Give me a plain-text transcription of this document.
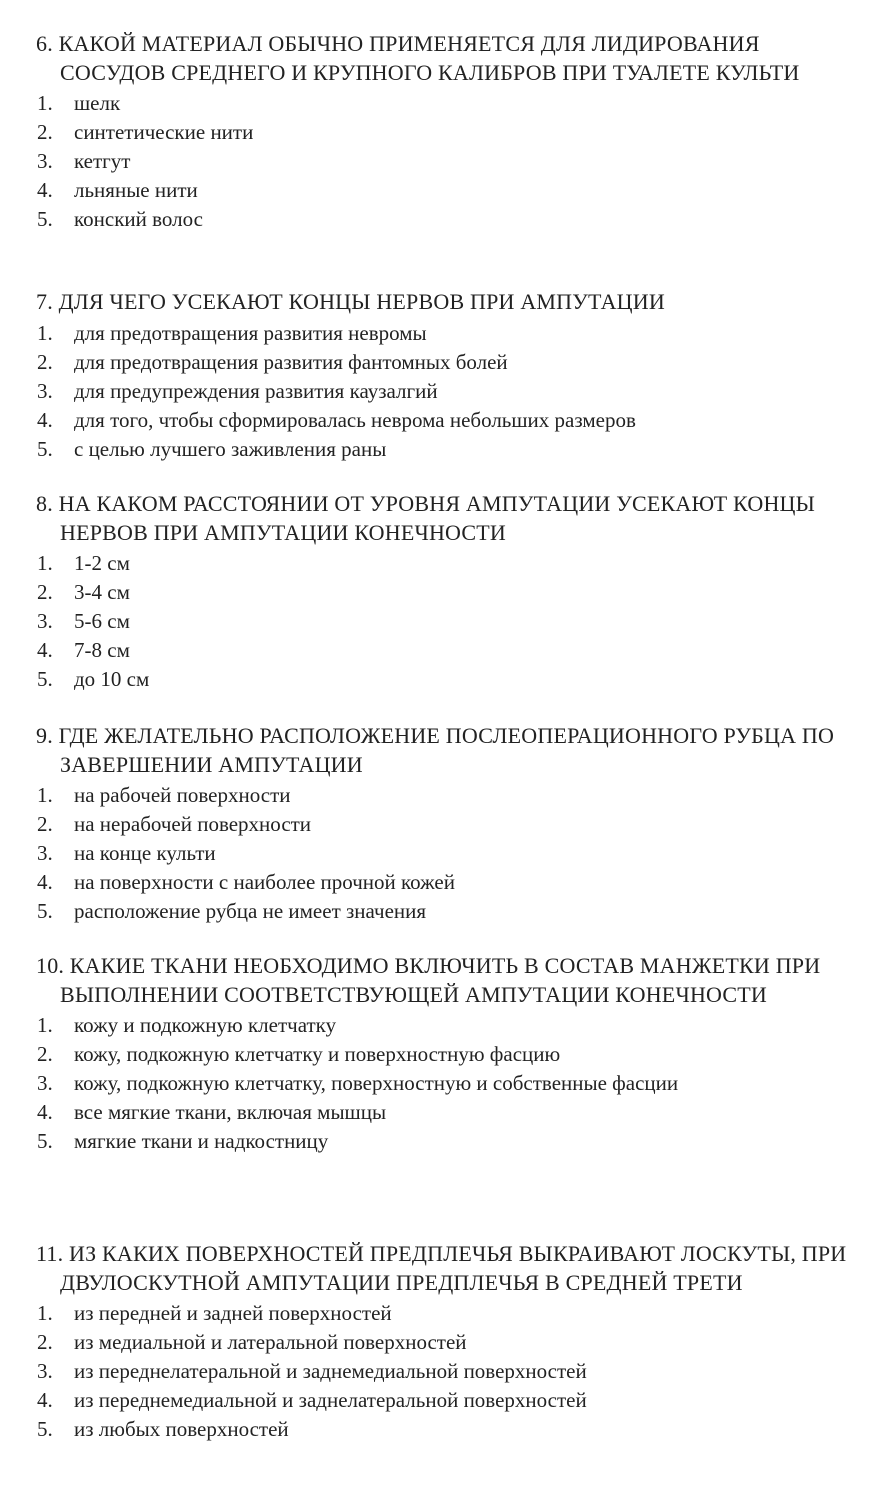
6. КАКОЙ МАТЕРИАЛ ОБЫЧНО ПРИМЕНЯЕТСЯ ДЛЯ ЛИДИРОВАНИЯ СОСУДОВ СРЕДНЕГО И КРУПНОГО КАЛИБРОВ ПРИ ТУАЛЕТЕ КУЛЬТИ
1. шелк
2. синтетические нити
3. кетгут
4. льняные нити
5. конский волос
7. ДЛЯ ЧЕГО УСЕКАЮТ КОНЦЫ НЕРВОВ ПРИ АМПУТАЦИИ
1. для предотвращения развития невромы
2. для предотвращения развития фантомных болей
3. для предупреждения развития каузалгий
4. для того, чтобы сформировалась неврома небольших размеров
5. с целью лучшего заживления раны
8. НА КАКОМ РАССТОЯНИИ ОТ УРОВНЯ АМПУТАЦИИ УСЕКАЮТ КОНЦЫ НЕРВОВ ПРИ АМПУТАЦИИ КОНЕЧНОСТИ
1. 1-2 см
2. 3-4 см
3. 5-6 см
4. 7-8 см
5. до 10 см
9. ГДЕ ЖЕЛАТЕЛЬНО РАСПОЛОЖЕНИЕ ПОСЛЕОПЕРАЦИОННОГО РУБЦА ПО ЗАВЕРШЕНИИ АМПУТАЦИИ
1. на рабочей поверхности
2. на нерабочей поверхности
3. на конце культи
4. на поверхности с наиболее прочной кожей
5. расположение рубца не имеет значения
10. КАКИЕ ТКАНИ НЕОБХОДИМО ВКЛЮЧИТЬ В СОСТАВ МАНЖЕТКИ ПРИ ВЫПОЛНЕНИИ СООТВЕТСТВУЮЩЕЙ АМПУТАЦИИ КОНЕЧНОСТИ
1. кожу и подкожную клетчатку
2. кожу, подкожную клетчатку и поверхностную фасцию
3. кожу, подкожную клетчатку, поверхностную и собственные фасции
4. все мягкие ткани, включая мышцы
5. мягкие ткани и надкостницу
11. ИЗ КАКИХ ПОВЕРХНОСТЕЙ ПРЕДПЛЕЧЬЯ ВЫКРАИВАЮТ ЛОСКУТЫ, ПРИ ДВУЛОСКУТНОЙ АМПУТАЦИИ ПРЕДПЛЕЧЬЯ В СРЕДНЕЙ ТРЕТИ
1. из передней и задней поверхностей
2. из медиальной и латеральной поверхностей
3. из переднелатеральной и заднемедиальной поверхностей
4. из переднемедиальной и заднелатеральной поверхностей
5. из любых поверхностей
